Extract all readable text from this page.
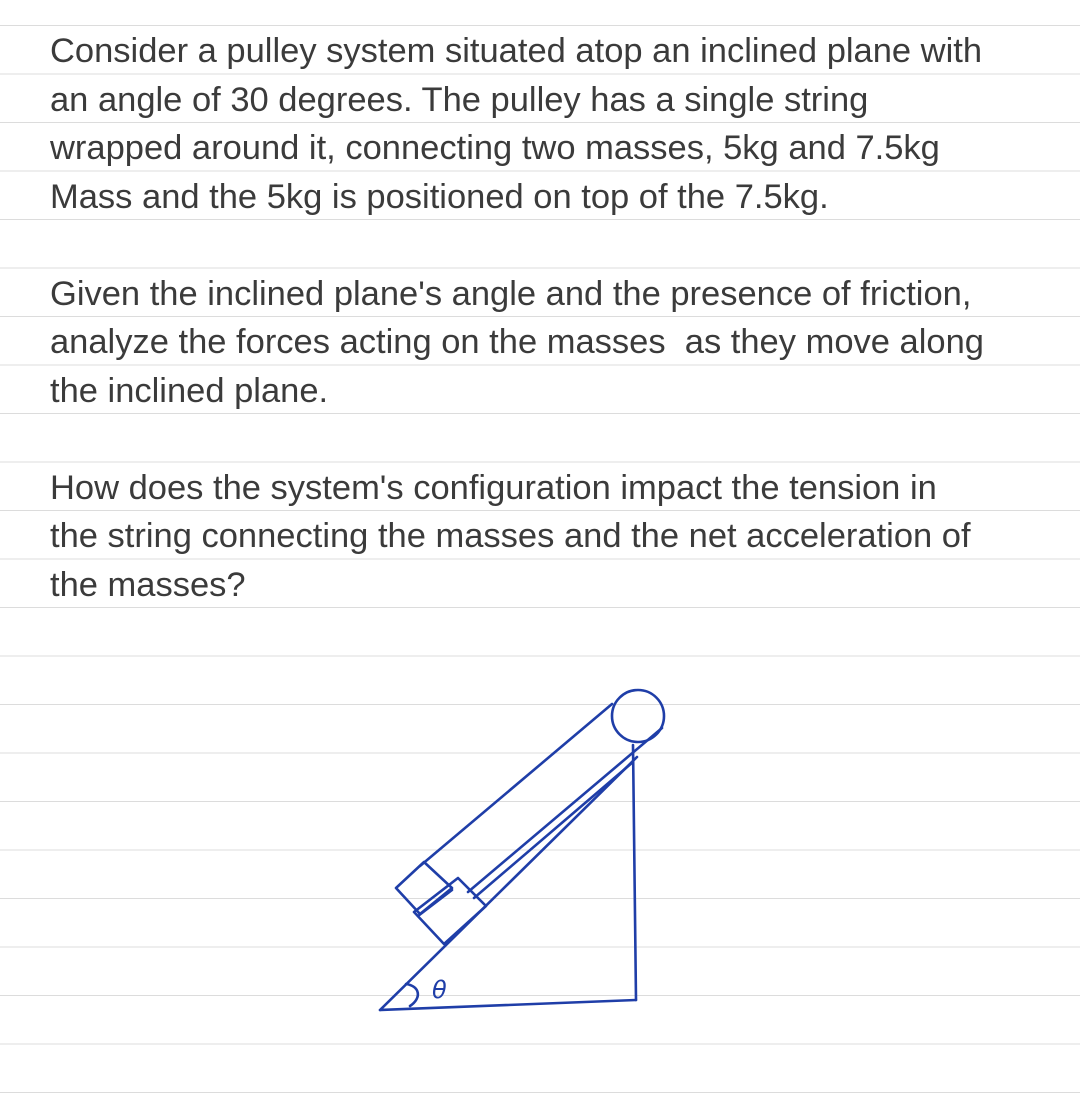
Consider a pulley system situated atop an inclined plane with
an angle of 30 degrees. The pulley has a single string
wrapped around it, connecting two masses, 5kg and 7.5kg
Mass and the 5kg is positioned on top of the 7.5kg.

Given the inclined plane's angle and the presence of friction,
analyze the forces acting on the masses  as they move along
the inclined plane.

How does the system's configuration impact the tension in
the string connecting the masses and the net acceleration of
the masses?

θ
